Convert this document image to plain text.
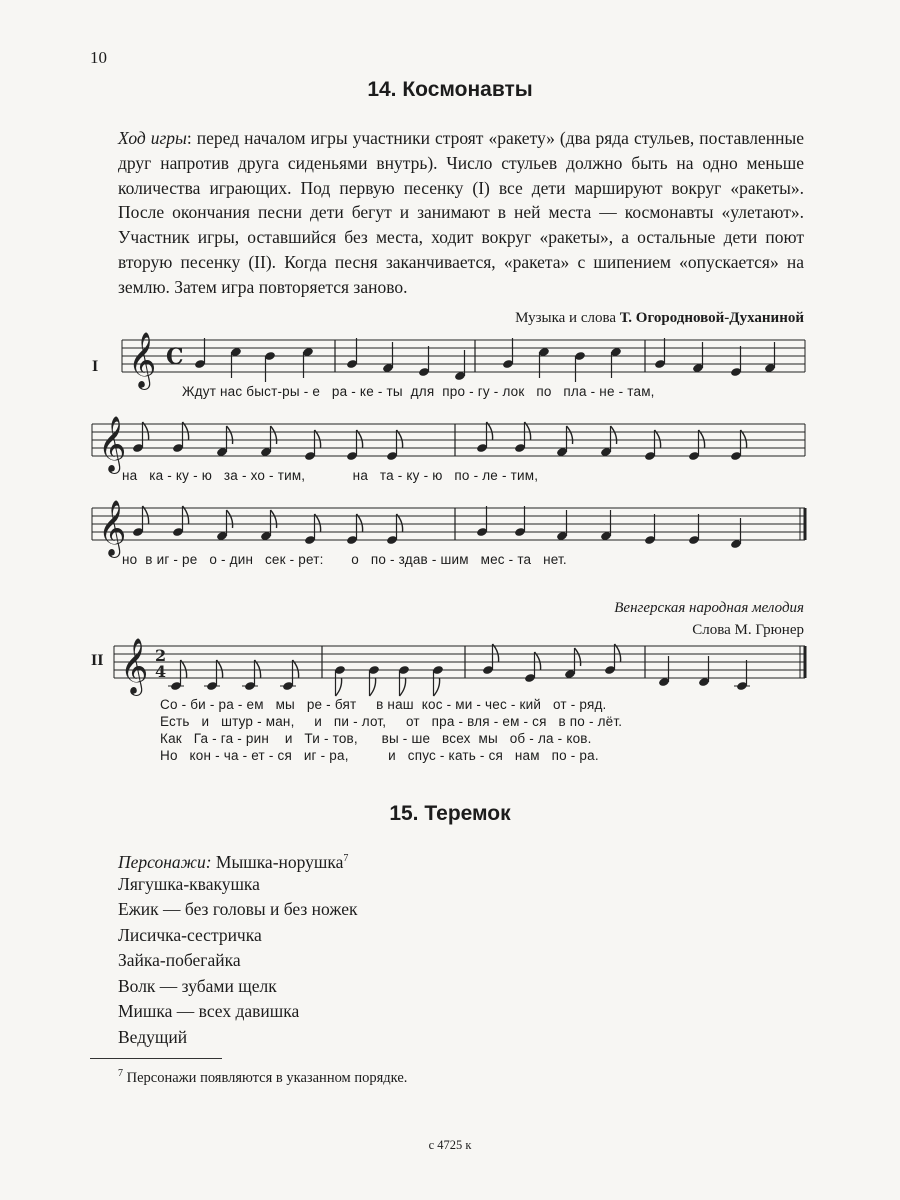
10
14. Космонавты
Ход игры: перед началом игры участники строят «ракету» (два ряда стульев, поставленные друг напротив друга сиденьями внутрь). Число стульев должно быть на одно меньше количества играющих. Под первую песенку (I) все дети маршируют вокруг «ракеты». После окончания песни дети бегут и занимают в ней места — космонавты «улетают». Участник игры, оставшийся без места, ходит вокруг «ракеты», а остальные дети поют вторую песенку (II). Когда песня заканчивается, «ракета» с шипением «опускается» на землю. Затем игра повторяется заново.
Музыка и слова Т. Огородновой-Духаниной
𝄞 C
𝄞
𝄞
𝄞 2
4
I
II
Ждут нас быст-ры - е   ра - ке - ты  для  про - гу - лок   по   пла - не - там,
на   ка - ку - ю   за - хо - тим,            на   та - ку - ю   по - ле - тим,
но  в иг - ре   о - дин   сек - рет:       о   по - здав - шим   мес - та   нет.
Венгерская народная мелодия
Слова М. Грюнер
Со - би - ра - ем   мы   ре - бят     в наш  кос - ми - чес - кий   от - ряд.
Есть   и   штур - ман,     и   пи - лот,     от   пра - вля - ем - ся   в по - лёт.
Как   Га - га - рин    и   Ти - тов,      вы - ше   всех  мы   об - ла - ков.
Но   кон - ча - ет - ся   иг - ра,          и   спус - кать - ся   нам   по - ра.
15. Теремок
Персонажи: Мышка-норушка$^7$
Лягушка-квакушка
Ежик — без головы и без ножек
Лисичка-сестричка
Зайка-побегайка
Волк — зубами щелк
Мишка — всех давишка
Ведущий
$^7$ Персонажи появляются в указанном порядке.
с 4725 к
